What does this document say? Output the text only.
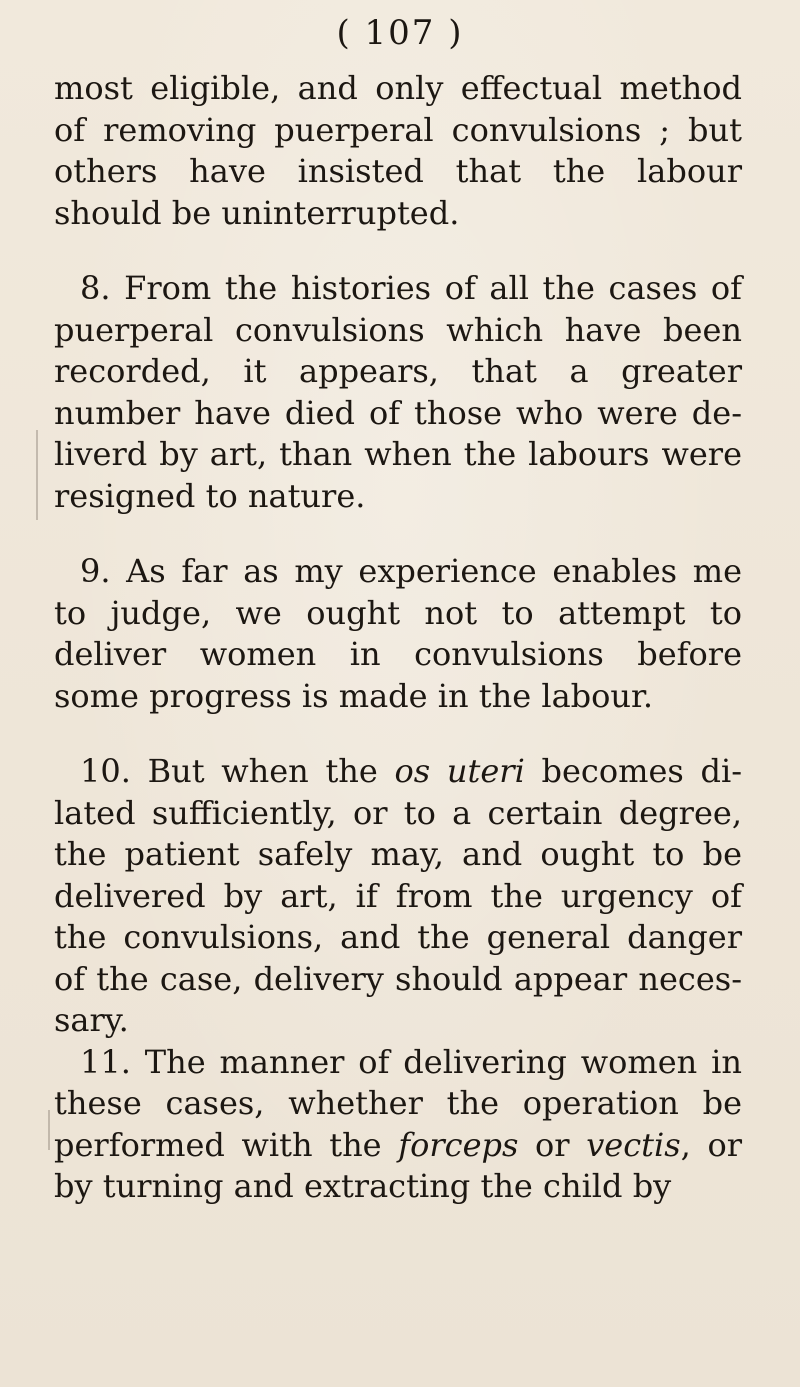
( 107 )

most eligible, and only effectual method of removing puerperal convulsions ; but others have insisted that the labour should be uninterrupted.

8. From the histories of all the cases of puerperal convulsions which have been recorded, it appears, that a greater number have died of those who were de- liverd by art, than when the labours were resigned to nature.

9. As far as my experience enables me to judge, we ought not to attempt to deliver women in convulsions before some progress is made in the labour.

10. But when the os uteri becomes di- lated sufficiently, or to a certain degree, the patient safely may, and ought to be delivered by art, if from the urgency of the convulsions, and the general danger of the case, delivery should appear neces- sary.

11. The manner of delivering women in these cases, whether the operation be performed with the forceps or vectis, or by turning and extracting the child by
